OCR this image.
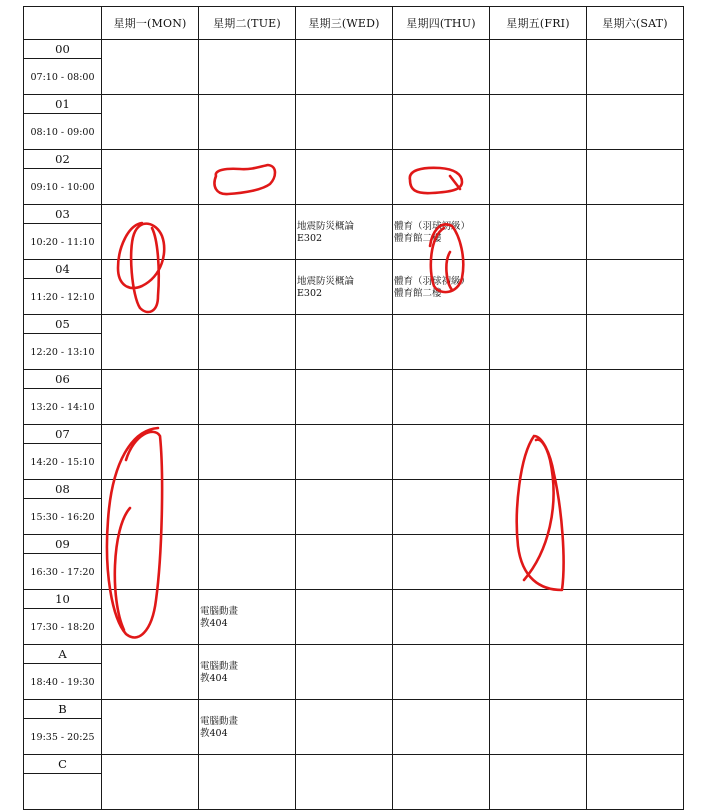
	星期一(MON)	星期二(TUE)	星期三(WED)	星期四(THU)	星期五(FRI)	星期六(SAT)

00
07:10 - 08:00						

01
08:10 - 09:00						

02
09:10 - 10:00						

03
10:20 - 11:10			地震防災概論
E302	體育（羽球初級）
體育館二樓		

04
11:20 - 12:10			地震防災概論
E302	體育（羽球初級）
體育館二樓		

05
12:20 - 13:10						

06
13:20 - 14:10						

07
14:20 - 15:10						

08
15:30 - 16:20						

09
16:30 - 17:20						

10
17:30 - 18:20		電腦動畫
教404				

A
18:40 - 19:30		電腦動畫
教404				

B
19:35 - 20:25		電腦動畫
教404				

C						
